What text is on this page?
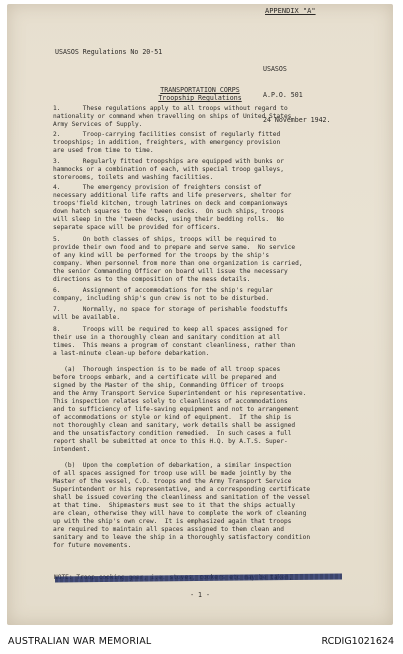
APPENDIX "A"
USASOS Regulations No 20-51

USASOS

A.P.O. 501

24 November 1942.

TRANSPORTATION CORPS
Troopship Regulations
1.      These regulations apply to all troops without regard to
nationality or command when travelling on ships of United States
Army Services of Supply.
2.      Troop-carrying facilities consist of regularly fitted
troopships; in addition, freighters, with emergency provision
are used from time to time.
3.      Regularly fitted troopships are equipped with bunks or
hammocks or a combination of each, with special troop galleys,
storerooms, toilets and washing facilities.
4.      The emergency provision of freighters consist of
necessary additional life rafts and life preservers, shelter for
troops'field kitchen, trough latrines on deck and companionways
down hatch squares to the 'tween decks.  On such ships, troops
will sleep in the 'tween decks, using their bedding rolls.  No
separate space will be provided for officers.
5.      On both classes of ships, troops will be required to
provide their own food and to prepare and serve same.  No service
of any kind will be performed for the troops by the ship's
company. When personnel from more than one organization is carried,
the senior Commanding Officer on board will issue the necessary
directions as to the composition of the mess details.
6.      Assignment of accommodations for the ship's regular
company, including ship's gun crew is not to be disturbed.
7.      Normally, no space for storage of perishable foodstuffs
will be available.
8.      Troops will be required to keep all spaces assigned for
their use in a thoroughly clean and sanitary condition at all
times.  This means a program of constant cleanliness, rather than
a last-minute clean-up before debarkation.
(a)  Thorough inspection is to be made of all troop spaces
before troops embark, and a certificate will be prepared and
signed by the Master of the ship, Commanding Officer of troops
and the Army Transport Service Superintendent or his representative.
This inspection relates solely to cleanliness of accommodations
and to sufficiency of life-saving equipment and not to arrangement
of accommodations or style or kind of equipment.  If the ship is
not thoroughly clean and sanitary, work details shall be assigned
and the unsatisfactory condition remedied.  In such cases a full
report shall be submitted at once to this H.Q. by A.T.S. Super-
intendent.
(b)  Upon the completion of debarkation, a similar inspection
of all spaces assigned for troop use will be made jointly by the
Master of the vessel, C.O. troops and the Army Transport Service
Superintendent or his representative, and a corresponding certificate
shall be issued covering the cleanliness and sanitation of the vessel
at that time.  Shipmasters must see to it that the ships actually
are clean, otherwise they will have to complete the work of cleaning
up with the ship's own crew.  It is emphasized again that troops
are required to maintain all spaces assigned to them clean and
sanitary and to leave the ship in a thoroughly satisfactory condition
for future movements.
- 1 -
AUSTRALIAN WAR MEMORIAL	RCDIG1021624
